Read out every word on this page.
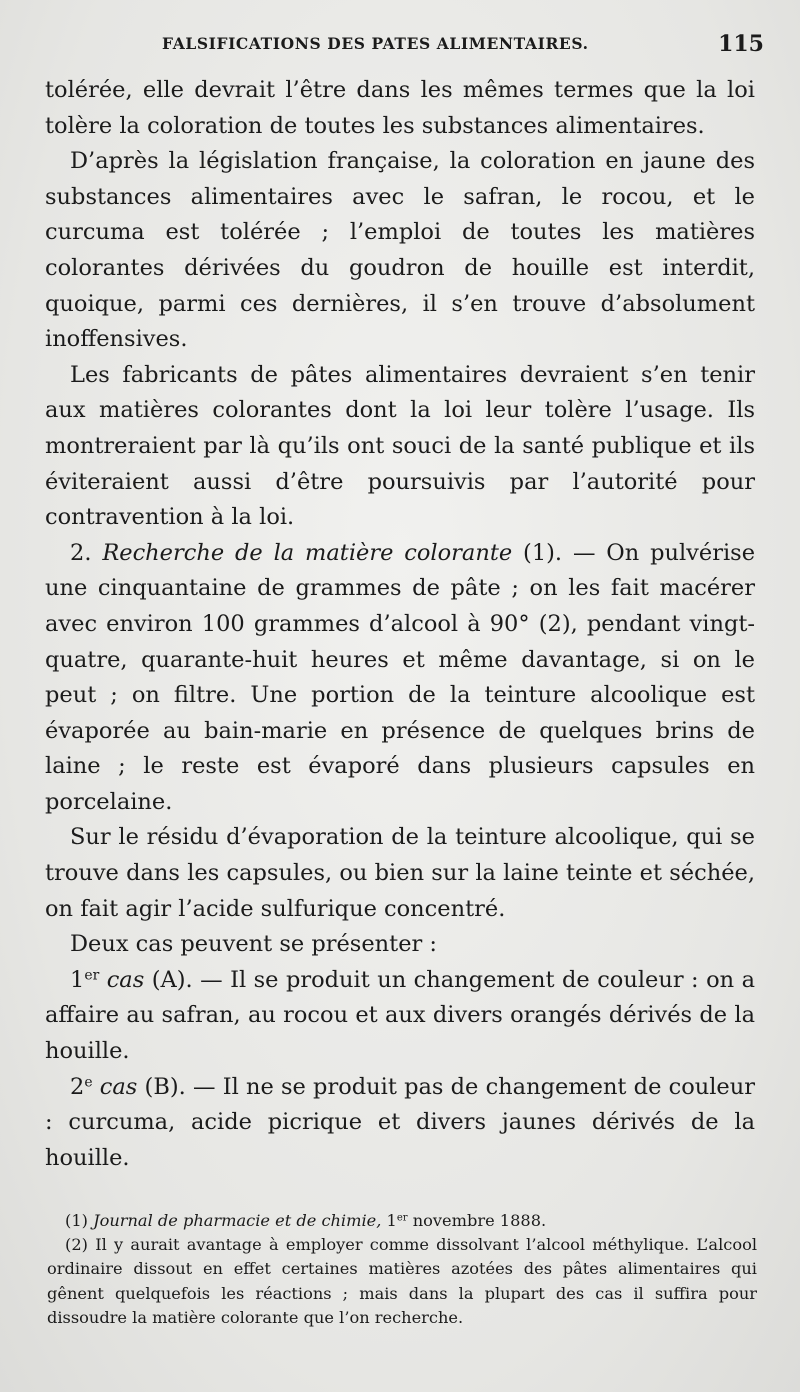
FALSIFICATIONS DES PATES ALIMENTAIRES.	115

tolérée, elle devrait l’être dans les mêmes termes que la loi tolère la coloration de toutes les substances alimentaires.

D’après la législation française, la coloration en jaune des substances alimentaires avec le safran, le rocou, et le curcuma est tolérée ; l’emploi de toutes les matières colorantes dérivées du goudron de houille est interdit, quoique, parmi ces dernières, il s’en trouve d’absolument inoffensives.

Les fabricants de pâtes alimentaires devraient s’en tenir aux matières colorantes dont la loi leur tolère l’usage. Ils montreraient par là qu’ils ont souci de la santé publique et ils éviteraient aussi d’être poursuivis par l’autorité pour contravention à la loi.

2. Recherche de la matière colorante (1). — On pulvérise une cinquantaine de grammes de pâte ; on les fait macérer avec environ 100 grammes d’alcool à 90° (2), pendant vingt-quatre, quarante-huit heures et même davantage, si on le peut ; on filtre. Une portion de la teinture alcoolique est évaporée au bain-marie en présence de quelques brins de laine ; le reste est évaporé dans plusieurs capsules en porcelaine.

Sur le résidu d’évaporation de la teinture alcoolique, qui se trouve dans les capsules, ou bien sur la laine teinte et séchée, on fait agir l’acide sulfurique concentré.

Deux cas peuvent se présenter :

1er cas (A). — Il se produit un changement de couleur : on a affaire au safran, au rocou et aux divers orangés dérivés de la houille.

2e cas (B). — Il ne se produit pas de changement de couleur : curcuma, acide picrique et divers jaunes dérivés de la houille.

(1) Journal de pharmacie et de chimie, 1er novembre 1888.

(2) Il y aurait avantage à employer comme dissolvant l’alcool méthylique. L’alcool ordinaire dissout en effet certaines matières azotées des pâtes alimentaires qui gênent quelquefois les réactions ; mais dans la plupart des cas il suffira pour dissoudre la matière colorante que l’on recherche.
